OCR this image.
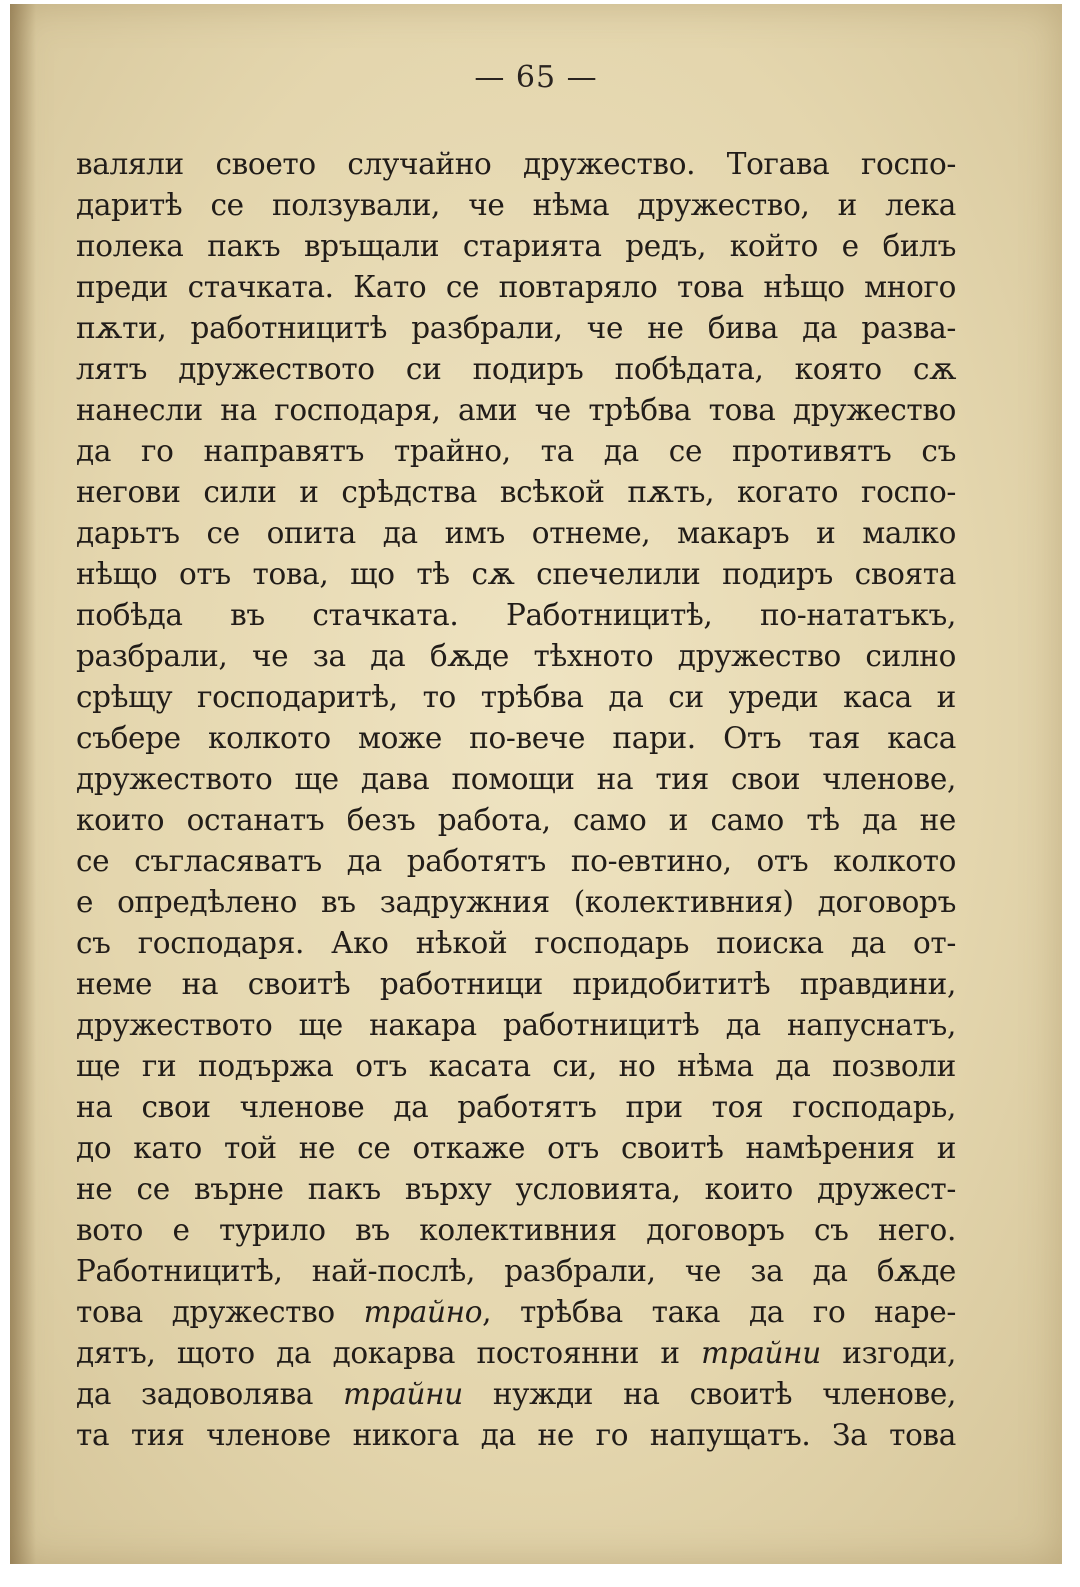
— 65 —
валяли своето случайно дружество. Тогава госпо-
даритѣ се ползували, че нѣма дружество, и лека
полека пакъ връщали старията редъ, който е билъ
преди стачката. Като се повтаряло това нѣщо много
пѫти, работницитѣ разбрали, че не бива да разва-
лятъ дружеството си подиръ побѣдата, която сѫ
нанесли на господаря, ами че трѣбва това дружество
да го направятъ трайно, та да се противятъ съ
негови сили и срѣдства всѣкой пѫть, когато госпо-
дарьтъ се опита да имъ отнеме, макаръ и малко
нѣщо отъ това, що тѣ сѫ спечелили подиръ своята
побѣда въ стачката. Работницитѣ, по-нататъкъ,
разбрали, че за да бѫде тѣхното дружество силно
срѣщу господаритѣ, то трѣбва да си уреди каса и
събере колкото може по-вече пари. Отъ тая каса
дружеството ще дава помощи на тия свои членове,
които останатъ безъ работа, само и само тѣ да не
се съгласяватъ да работятъ по-евтино, отъ колкото
е опредѣлено въ задружния (колективния) договоръ
съ господаря. Ако нѣкой господарь поиска да от-
неме на своитѣ работници придобититѣ правдини,
дружеството ще накара работницитѣ да напуснатъ,
ще ги подържа отъ касата си, но нѣма да позволи
на свои членове да работятъ при тоя господарь,
до като той не се откаже отъ своитѣ намѣрения и
не се върне пакъ върху условията, които дружест-
вото е турило въ колективния договоръ съ него.
Работницитѣ, най-послѣ, разбрали, че за да бѫде
това дружество трайно, трѣбва така да го наре-
дятъ, щото да докарва постоянни и трайни изгоди,
да задоволява трайни нужди на своитѣ членове,
та тия членове никога да не го напущатъ. За това
